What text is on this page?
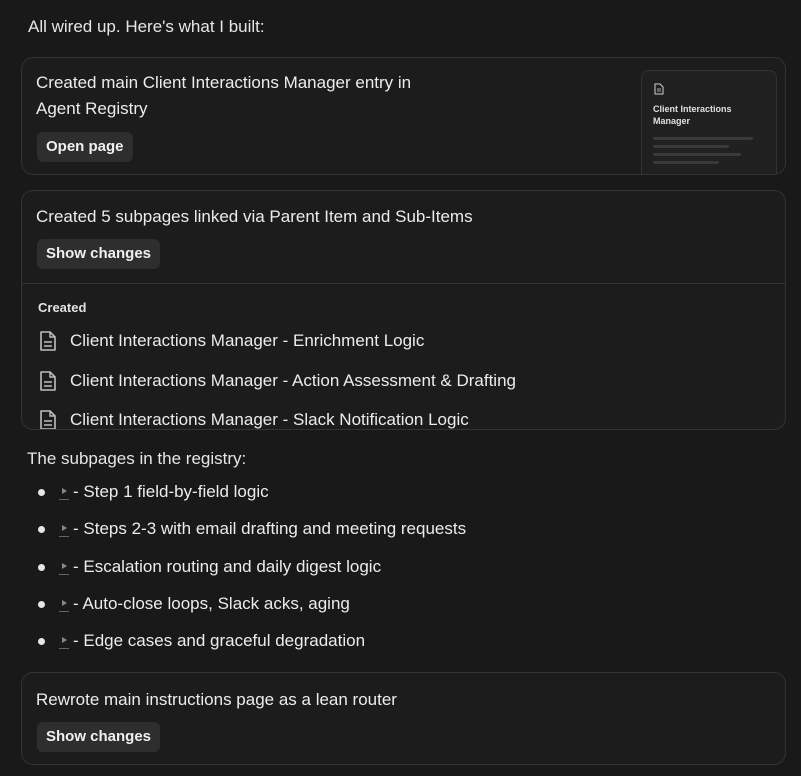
All wired up. Here's what I built:
Created main Client Interactions Manager entry in
Agent Registry
Open page
Client Interactions Manager
Created 5 subpages linked via Parent Item and Sub-Items
Show changes
Created
Client Interactions Manager - Enrichment Logic
Client Interactions Manager - Action Assessment & Drafting
Client Interactions Manager - Slack Notification Logic
The subpages in the registry:
- Step 1 field-by-field logic
- Steps 2-3 with email drafting and meeting requests
- Escalation routing and daily digest logic
- Auto-close loops, Slack acks, aging
- Edge cases and graceful degradation
Rewrote main instructions page as a lean router
Show changes
